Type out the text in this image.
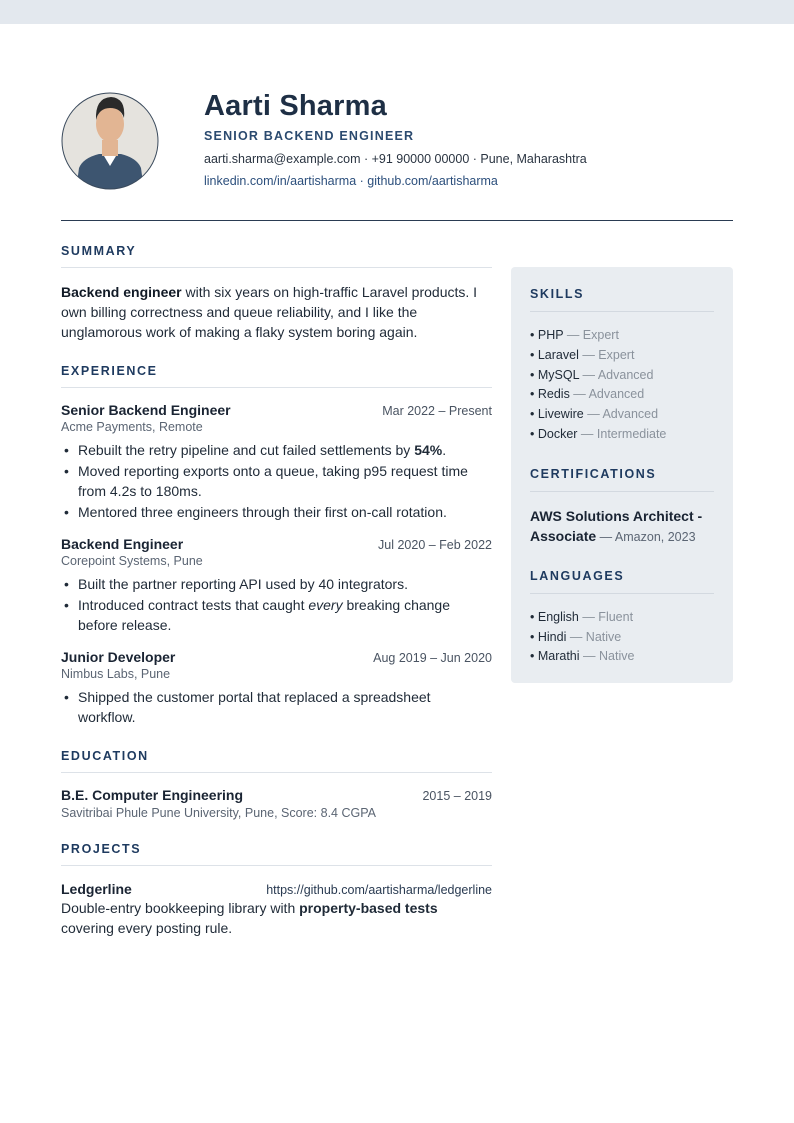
Aarti Sharma
SENIOR BACKEND ENGINEER
aarti.sharma@example.com · +91 90000 00000 · Pune, Maharashtra
linkedin.com/in/aartisharma · github.com/aartisharma
SUMMARY

Backend engineer with six years on high-traffic Laravel products. I own billing correctness and queue reliability, and I like the unglamorous work of making a flaky system boring again.

EXPERIENCE
Senior Backend Engineer	Mar 2022 – Present
Acme Payments, Remote
• Rebuilt the retry pipeline and cut failed settlements by 54%.
• Moved reporting exports onto a queue, taking p95 request time from 4.2s to 180ms.
• Mentored three engineers through their first on-call rotation.
Backend Engineer	Jul 2020 – Feb 2022
Corepoint Systems, Pune
• Built the partner reporting API used by 40 integrators.
• Introduced contract tests that caught every breaking change before release.
Junior Developer	Aug 2019 – Jun 2020
Nimbus Labs, Pune
• Shipped the customer portal that replaced a spreadsheet workflow.
EDUCATION
B.E. Computer Engineering	2015 – 2019
Savitribai Phule Pune University, Pune, Score: 8.4 CGPA
PROJECTS
Ledgerline	https://github.com/aartisharma/ledgerline

Double-entry bookkeeping library with property-based tests covering every posting rule.

SKILLS
• PHP — Expert
• Laravel — Expert
• MySQL — Advanced
• Redis — Advanced
• Livewire — Advanced
• Docker — Intermediate
CERTIFICATIONS

AWS Solutions Architect - Associate — Amazon, 2023

LANGUAGES
• English — Fluent
• Hindi — Native
• Marathi — Native
